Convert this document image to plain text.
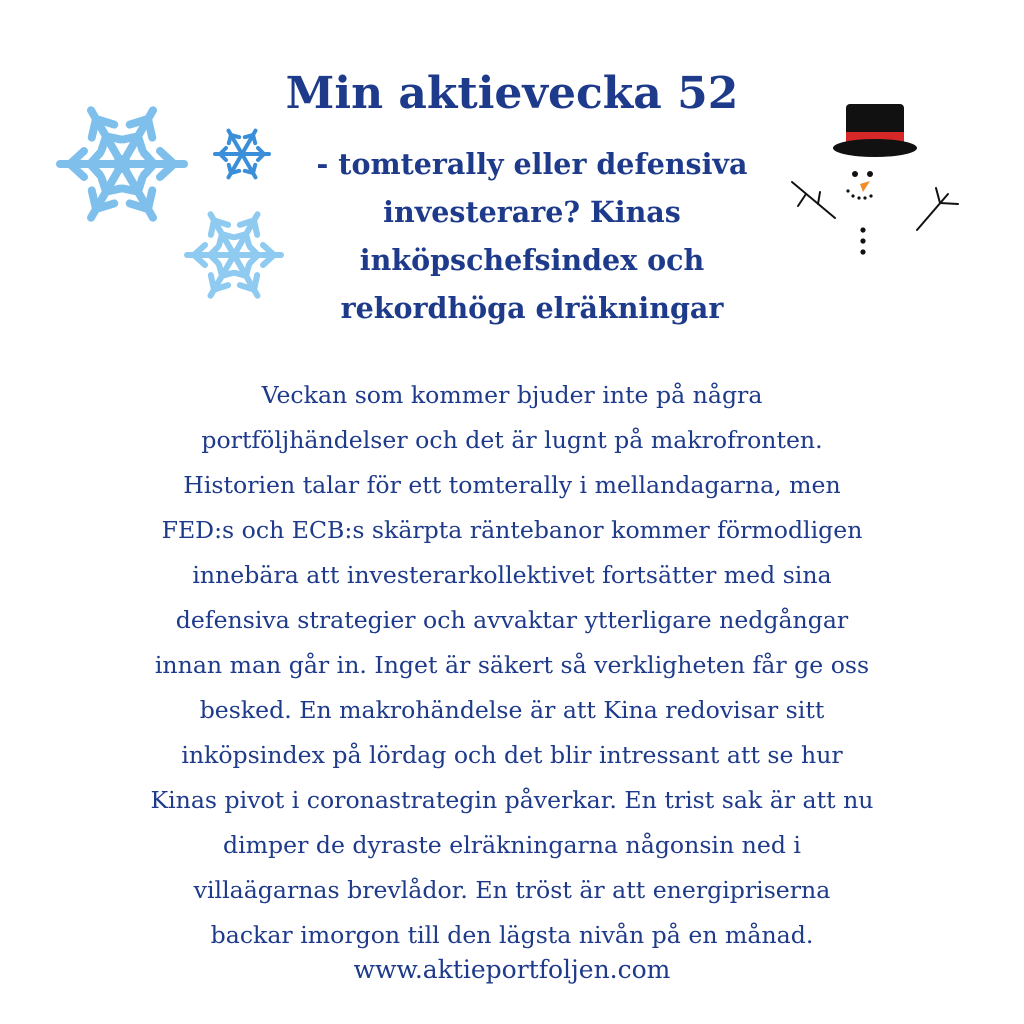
Min aktievecka 52
- tomterally eller defensiva
investerare? Kinas
inköpschefsindex och
rekordhöga elräkningar
Veckan som kommer bjuder inte på några
portföljhändelser och det är lugnt på makrofronten.
Historien talar för ett tomterally i mellandagarna, men
FED:s och ECB:s skärpta räntebanor kommer förmodligen
innebära att investerarkollektivet fortsätter med sina
defensiva strategier och avvaktar ytterligare nedgångar
innan man går in. Inget är säkert så verkligheten får ge oss
besked. En makrohändelse är att Kina redovisar sitt
inköpsindex på lördag och det blir intressant att se hur
Kinas pivot i coronastrategin påverkar. En trist sak är att nu
dimper de dyraste elräkningarna någonsin ned i
villaägarnas brevlådor. En tröst är att energipriserna
backar imorgon till den lägsta nivån på en månad.
www.aktieportfoljen.com
